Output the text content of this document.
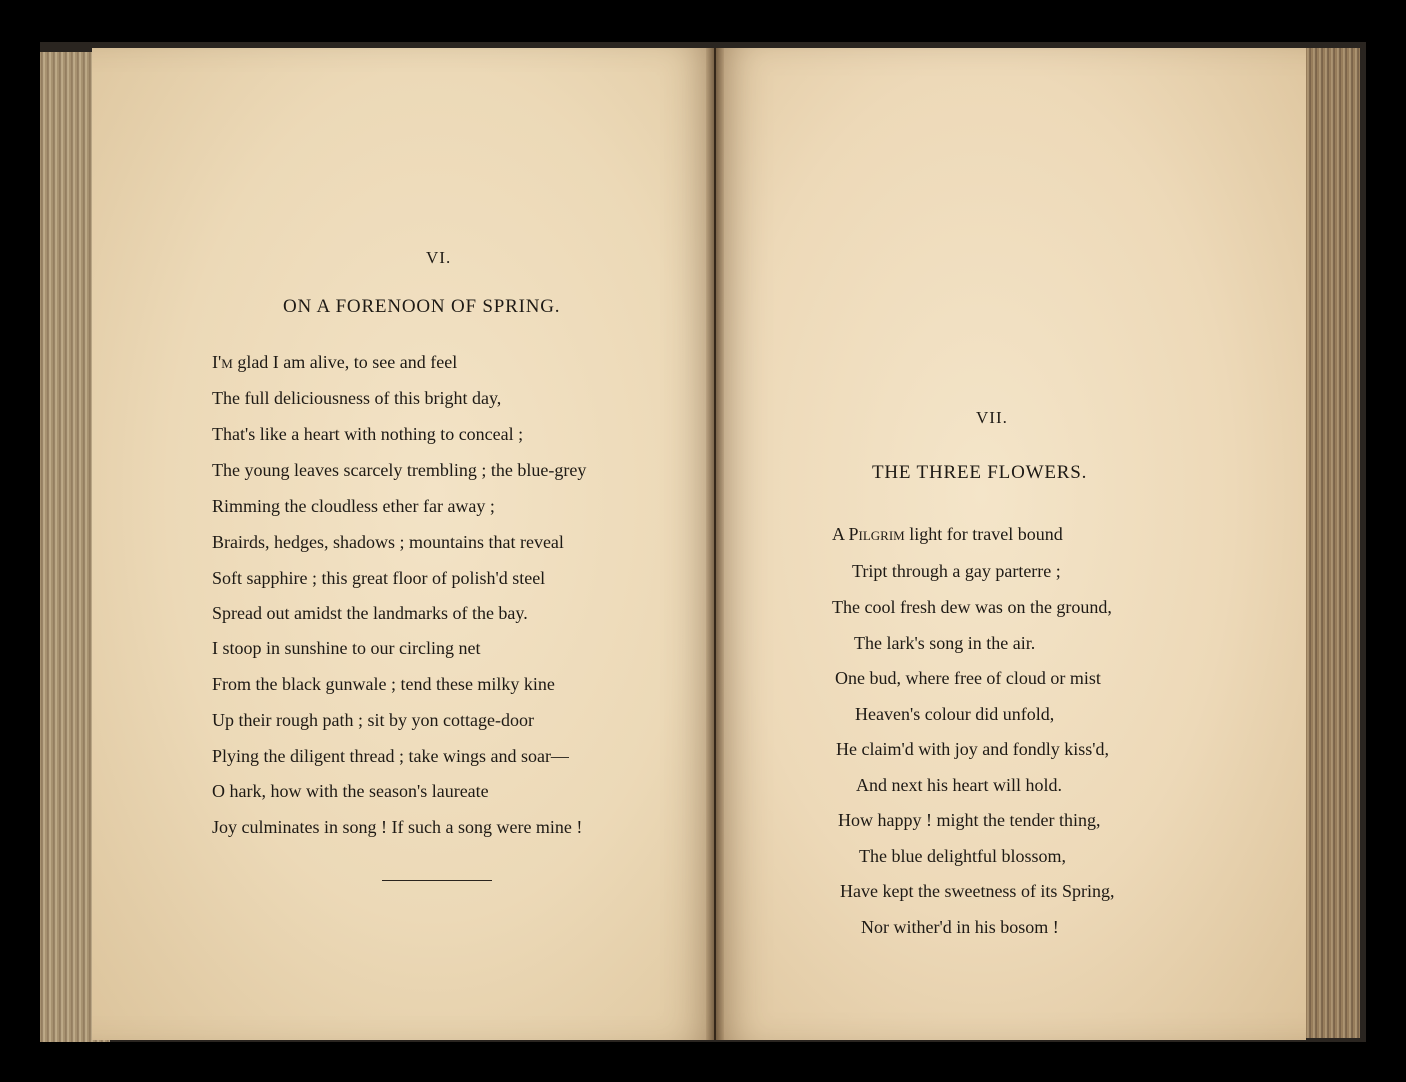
VI.
ON A FORENOON OF SPRING.
I'm glad I am alive, to see and feel
The full deliciousness of this bright day,
That's like a heart with nothing to conceal ;
The young leaves scarcely trembling ; the blue-grey
Rimming the cloudless ether far away ;
Brairds, hedges, shadows ; mountains that reveal
Soft sapphire ; this great floor of polish'd steel
Spread out amidst the landmarks of the bay.
I stoop in sunshine to our circling net
From the black gunwale ; tend these milky kine
Up their rough path ; sit by yon cottage-door
Plying the diligent thread ; take wings and soar—
O hark, how with the season's laureate
Joy culminates in song ! If such a song were mine !
VII.
THE THREE FLOWERS.
A Pilgrim light for travel bound
Tript through a gay parterre ;
The cool fresh dew was on the ground,
The lark's song in the air.
One bud, where free of cloud or mist
Heaven's colour did unfold,
He claim'd with joy and fondly kiss'd,
And next his heart will hold.
How happy ! might the tender thing,
The blue delightful blossom,
Have kept the sweetness of its Spring,
Nor wither'd in his bosom !
